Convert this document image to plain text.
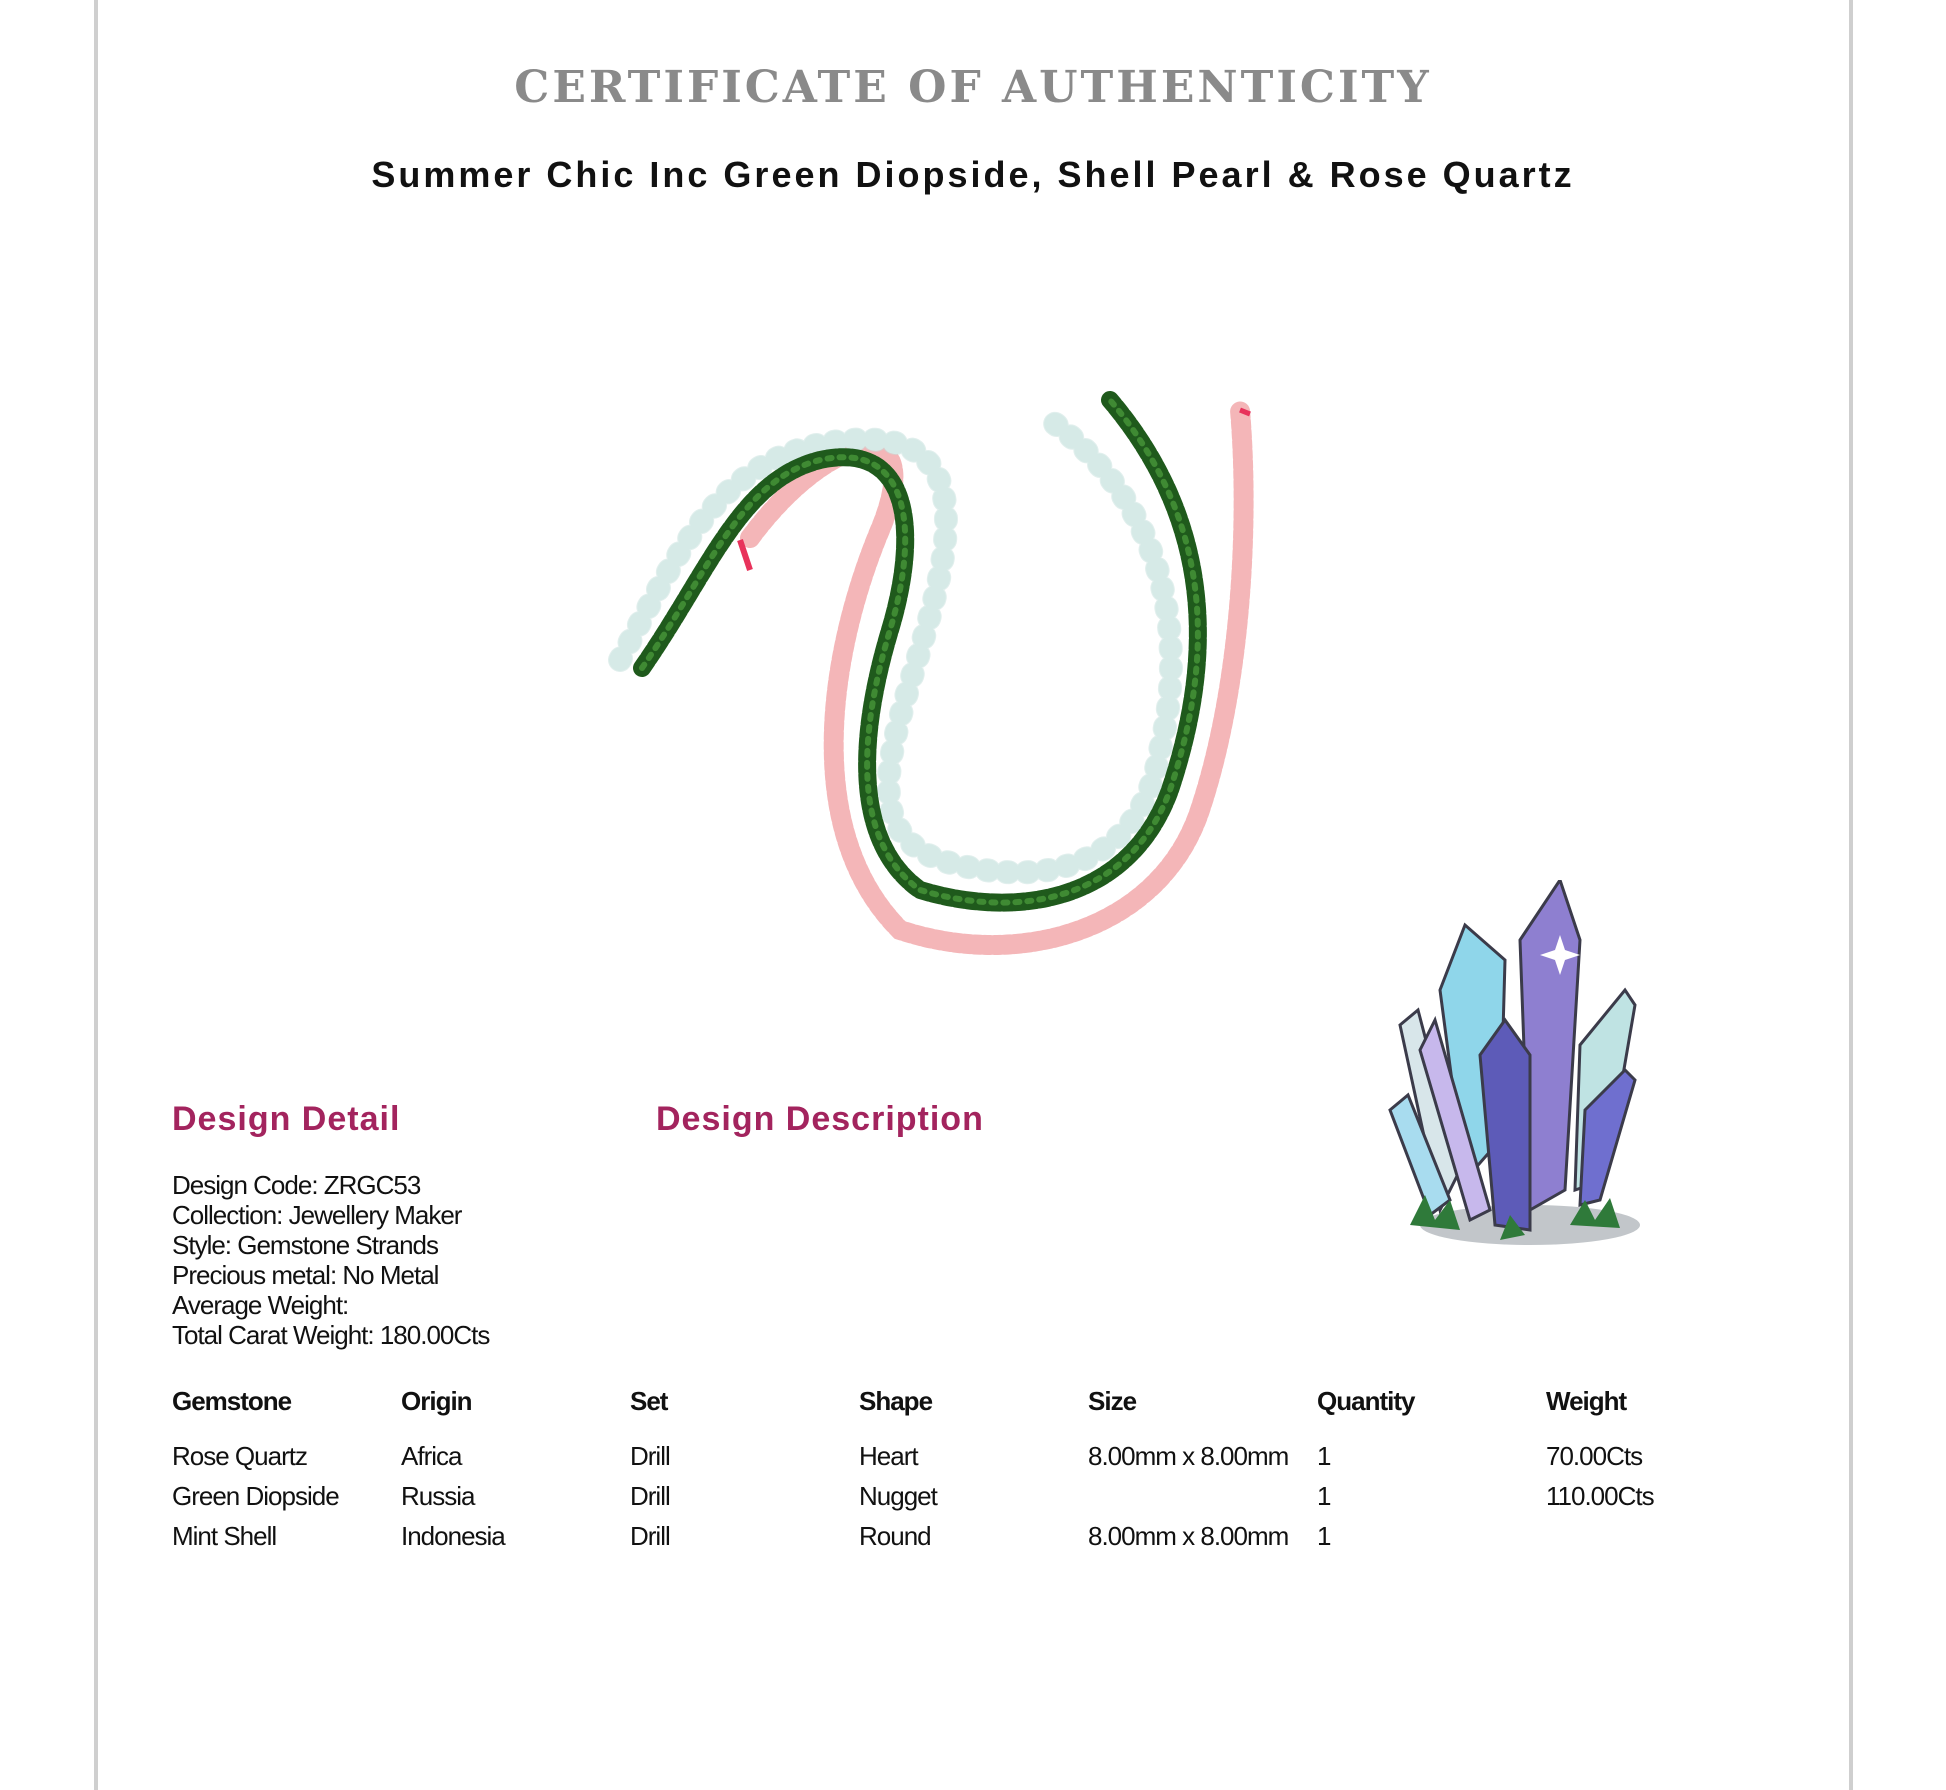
CERTIFICATE OF AUTHENTICITY
Summer Chic Inc Green Diopside, Shell Pearl & Rose Quartz
Design Detail	Design Description
Design Code: ZRGC53
Collection: Jewellery Maker
Style: Gemstone Strands
Precious metal: No Metal
Average Weight:
Total Carat Weight: 180.00Cts
Gemstone	Origin	Set	Shape	Size	Quantity	Weight
Rose Quartz	Africa	Drill	Heart	8.00mm x 8.00mm	1	70.00Cts
Green Diopside	Russia	Drill	Nugget		1	110.00Cts
Mint Shell	Indonesia	Drill	Round	8.00mm x 8.00mm	1	
